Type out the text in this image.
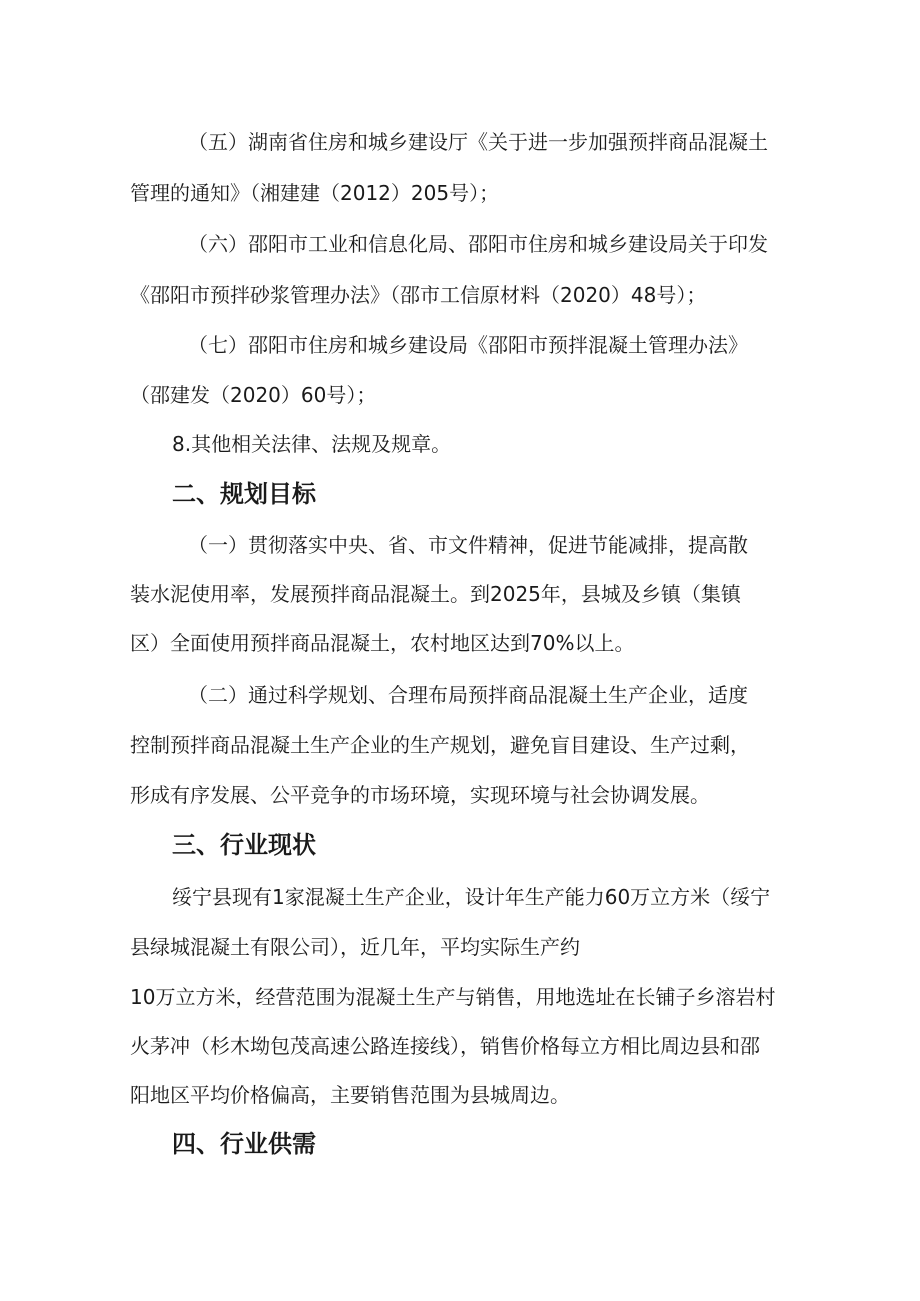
（五）湖南省住房和城乡建设厅《关于进一步加强预拌商品混凝土
管理的通知》（湘建建（2012）205号）；
（六）邵阳市工业和信息化局、邵阳市住房和城乡建设局关于印发
《邵阳市预拌砂浆管理办法》（邵市工信原材料（2020）48号）；
（七）邵阳市住房和城乡建设局《邵阳市预拌混凝土管理办法》
（邵建发（2020）60号）；
8.其他相关法律、法规及规章。
二、规划目标
（一）贯彻落实中央、省、市文件精神，促进节能减排，提高散
装水泥使用率，发展预拌商品混凝土。到2025年，县城及乡镇（集镇
区）全面使用预拌商品混凝土，农村地区达到70%以上。
（二）通过科学规划、合理布局预拌商品混凝土生产企业，适度
控制预拌商品混凝土生产企业的生产规划，避免盲目建设、生产过剩，
形成有序发展、公平竞争的市场环境，实现环境与社会协调发展。
三、行业现状
绥宁县现有1家混凝土生产企业，设计年生产能力60万立方米（绥宁
县绿城混凝土有限公司），近几年，平均实际生产约
10万立方米，经营范围为混凝土生产与销售，用地选址在长铺子乡溶岩村
火茅冲（杉木坳包茂高速公路连接线），销售价格每立方相比周边县和邵
阳地区平均价格偏高，主要销售范围为县城周边。
四、行业供需
